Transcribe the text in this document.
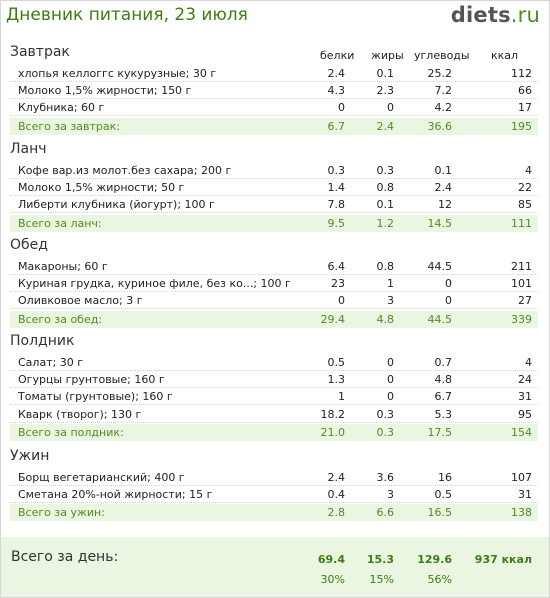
Дневник питания, 23 июля	diets.ru
белки жиры углеводы ккал
Завтрак
хлопья келлоггс кукурузные; 30 г	2.4	0.1	25.2	112
Молоко 1,5% жирности; 150 г	4.3	2.3	7.2	66
Клубника; 60 г	0	0	4.2	17
Всего за завтрак:	6.7	2.4	36.6	195
Ланч
Кофе вар.из молот.без сахара; 200 г	0.3	0.3	0.1	4
Молоко 1,5% жирности; 50 г	1.4	0.8	2.4	22
Либерти клубника (йогурт); 100 г	7.8	0.1	12	85
Всего за ланч:	9.5	1.2	14.5	111
Обед
Макароны; 60 г	6.4	0.8	44.5	211
Куриная грудка, куриное филе, без ко...; 100 г	23	1	0	101
Оливковое масло; 3 г	0	3	0	27
Всего за обед:	29.4	4.8	44.5	339
Полдник
Салат; 30 г	0.5	0	0.7	4
Огурцы грунтовые; 160 г	1.3	0	4.8	24
Томаты (грунтовые); 160 г	1	0	6.7	31
Кварк (творог); 130 г	18.2	0.3	5.3	95
Всего за полдник:	21.0	0.3	17.5	154
Ужин
Борщ вегетарианский; 400 г	2.4	3.6	16	107
Сметана 20%-ной жирности; 15 г	0.4	3	0.5	31
Всего за ужин:	2.8	6.6	16.5	138
Всего за день:	69.4 15.3 129.6 937 ккал
30% 15%	56%
